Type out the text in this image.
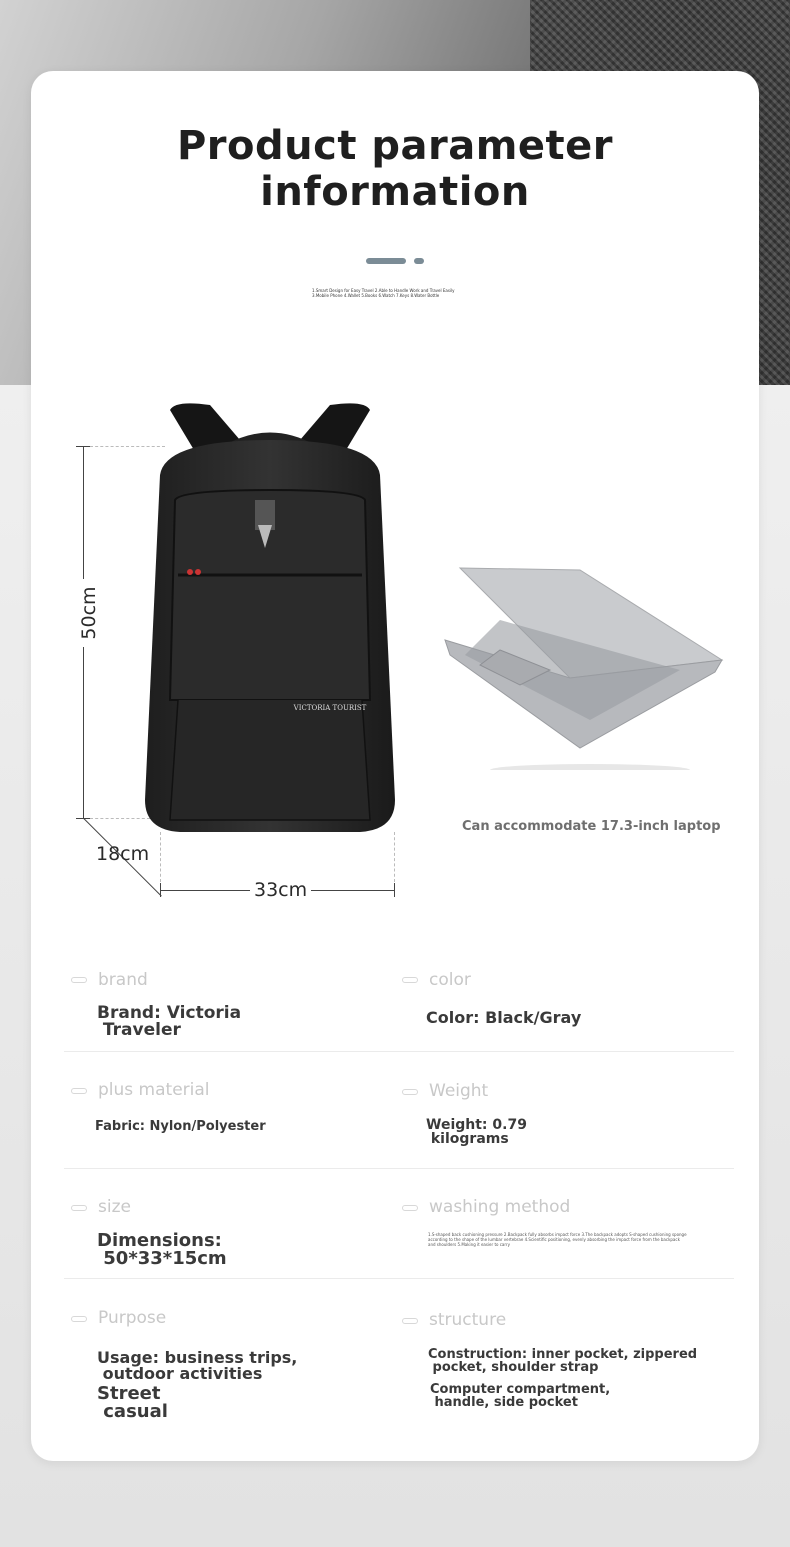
Product parameter
information
1.Smart Design for Easy Travel 2.Able to Handle Work and Travel Easily 3.Mobile Phone 4.Wallet 5.Books 6.Watch 7.Keys 8.Water Bottle
VICTORIA TOURIST
50cm
33cm
18cm
Can accommodate 17.3-inch laptop
brand
Brand: Victoria
Traveler
color
Color: Black/Gray
plus material
Fabric: Nylon/Polyester
Weight
Weight: 0.79
kilograms
size
Dimensions:
50*33*15cm
washing method
1.S-shaped back cushioning pressure 2.Backpack fully absorbs impact force 3.The backpack adopts S-shaped cushioning sponge according to the shape of the lumbar vertebrae 4.Scientific positioning, evenly absorbing the impact force from the backpack and shoulders 5.Making it easier to carry
Purpose
Usage: business trips,
outdoor activities
Street
casual
structure
Construction: inner pocket, zippered
pocket, shoulder strap
Computer compartment,
handle, side pocket
